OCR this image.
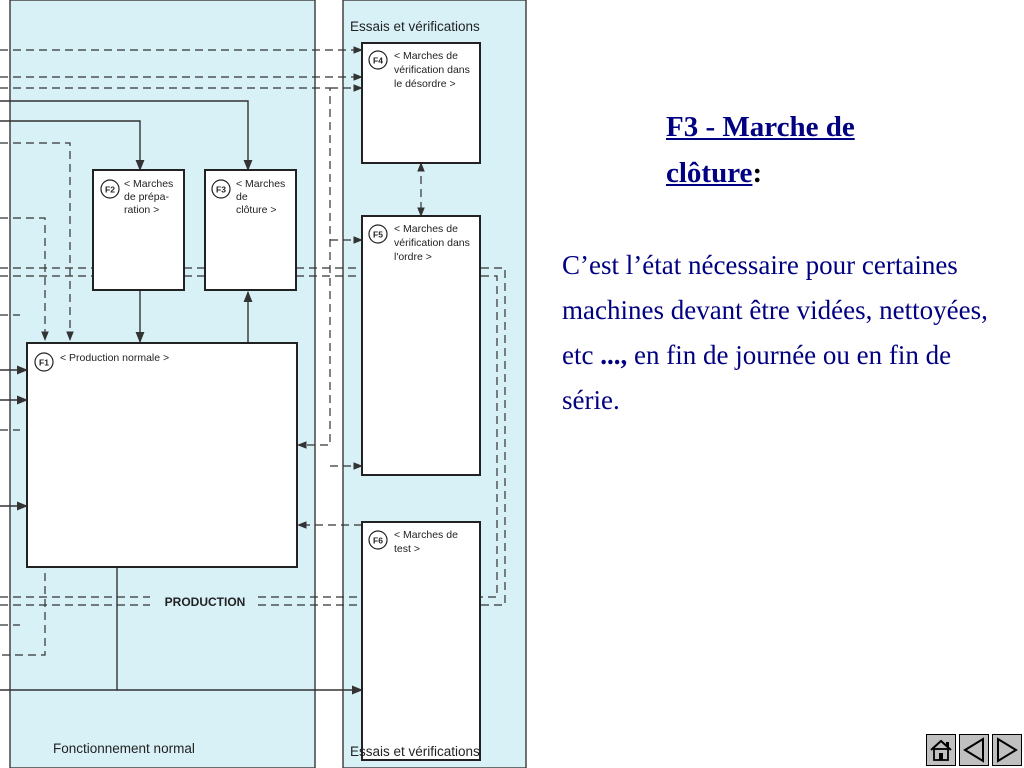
F1 < Production normale >
F2 < Marches
de prépa-
ration >
F3 < Marches
de
clôture >
F4 < Marches de
vérification dans
le désordre >
F5 < Marches de
vérification dans
l'ordre >
F6 < Marches de
test >
PRODUCTION
Essais et vérifications
Essais et vérifications
Fonctionnement normal

F3 - Marche de clôture:

C’est l’état nécessaire pour certaines machines devant être vidées, nettoyées, etc ..., en fin de journée ou en fin de série.
